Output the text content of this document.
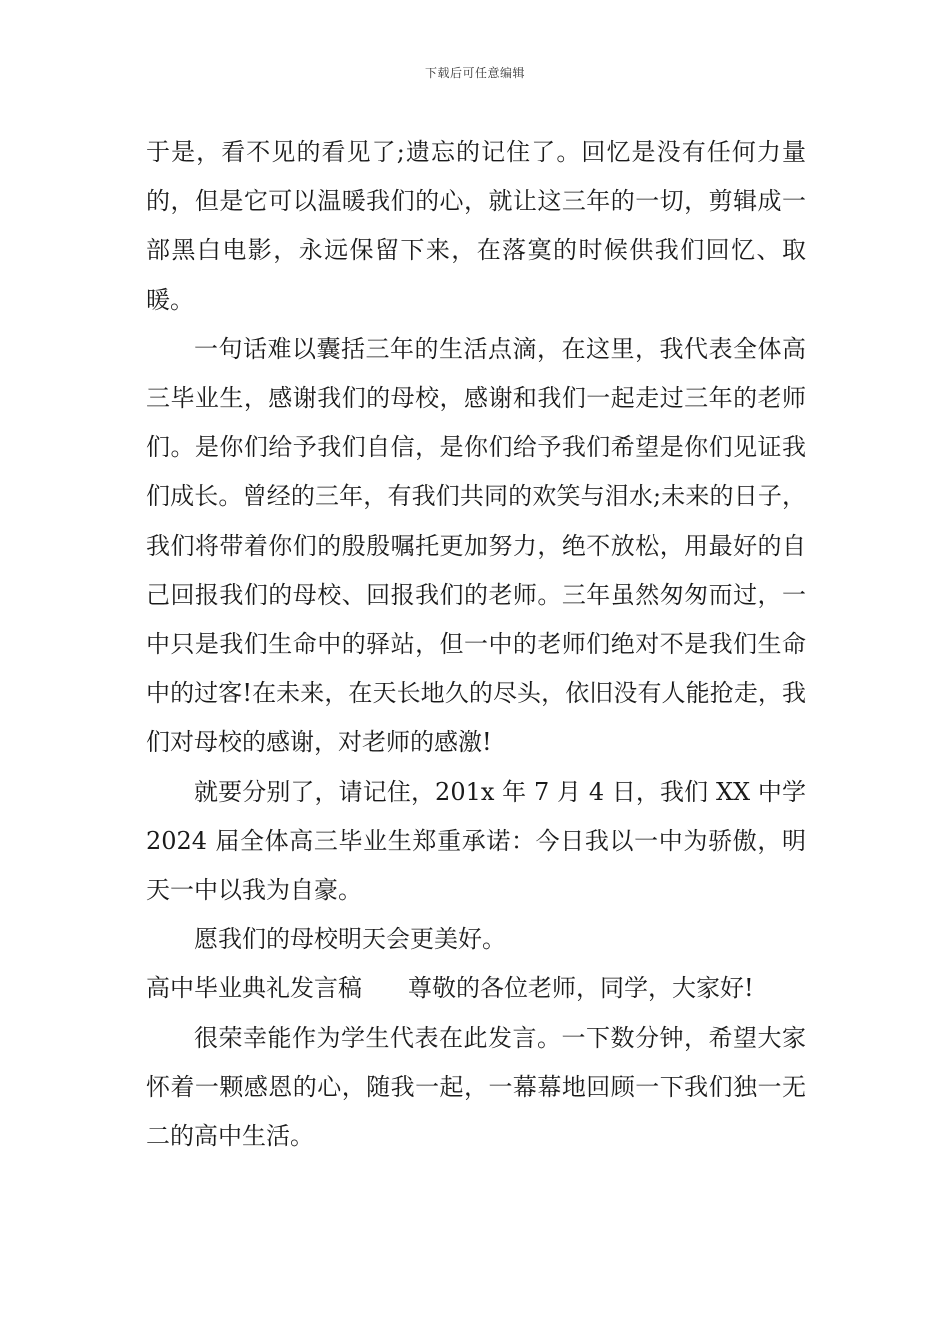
下载后可任意编辑

于是，看不见的看见了;遗忘的记住了。回忆是没有任何力量的，但是它可以温暖我们的心，就让这三年的一切，剪辑成一部黑白电影，永远保留下来，在落寞的时候供我们回忆、取暖。

一句话难以囊括三年的生活点滴，在这里，我代表全体高三毕业生，感谢我们的母校，感谢和我们一起走过三年的老师们。是你们给予我们自信，是你们给予我们希望是你们见证我们成长。曾经的三年，有我们共同的欢笑与泪水;未来的日子，我们将带着你们的殷殷嘱托更加努力，绝不放松，用最好的自己回报我们的母校、回报我们的老师。三年虽然匆匆而过，一中只是我们生命中的驿站，但一中的老师们绝对不是我们生命中的过客!在未来，在天长地久的尽头，依旧没有人能抢走，我们对母校的感谢，对老师的感激!

就要分别了，请记住，201x 年 7 月 4 日，我们 XX 中学 2024 届全体高三毕业生郑重承诺：今日我以一中为骄傲，明天一中以我为自豪。

愿我们的母校明天会更美好。

高中毕业典礼发言稿 尊敬的各位老师，同学，大家好!

很荣幸能作为学生代表在此发言。一下数分钟，希望大家怀着一颗感恩的心，随我一起，一幕幕地回顾一下我们独一无二的高中生活。
